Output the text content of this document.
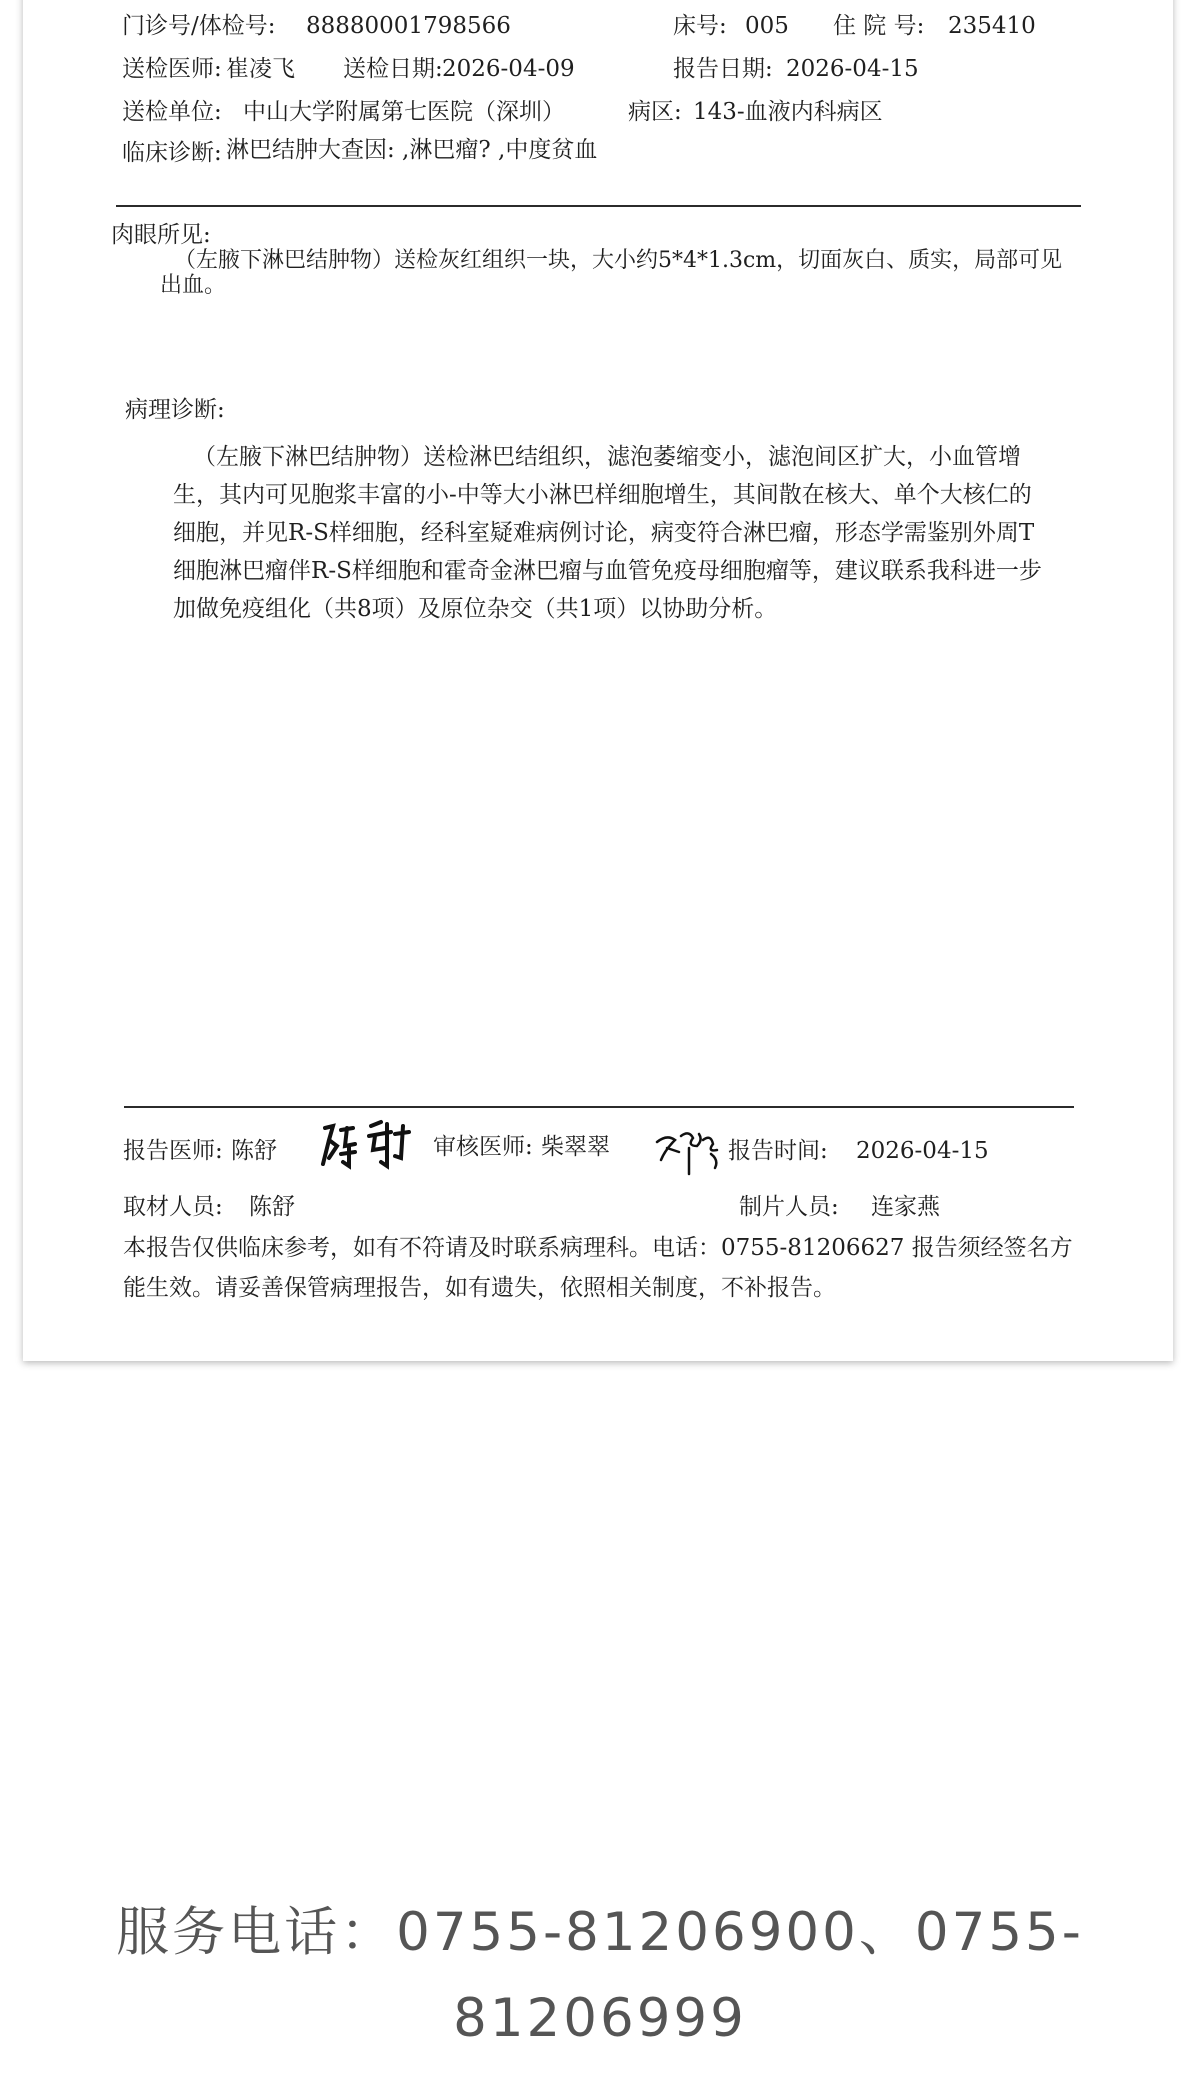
门诊号/体检号: 88880001798566	床号: 005 住 院 号: 235410
送检医师: 崔凌飞 送检日期: 2026-04-09	报告日期: 2026-04-15
送检单位: 中山大学附属第七医院（深圳）	病区: 143-血液内科病区
临床诊断: 淋巴结肿大查因: ,淋巴瘤? ,中度贫血
肉眼所见:
（左腋下淋巴结肿物）送检灰红组织一块，大小约5*4*1.3cm，切面灰白、质实，局部可见出血。
病理诊断:
（左腋下淋巴结肿物）送检淋巴结组织，滤泡萎缩变小，滤泡间区扩大，小血管增生，其内可见胞浆丰富的小-中等大小淋巴样细胞增生，其间散在核大、单个大核仁的细胞，并见R-S样细胞，经科室疑难病例讨论，病变符合淋巴瘤，形态学需鉴别外周T细胞淋巴瘤伴R-S样细胞和霍奇金淋巴瘤与血管免疫母细胞瘤等，建议联系我科进一步加做免疫组化（共8项）及原位杂交（共1项）以协助分析。
报告医师: 陈舒	审核医师: 柴翠翠	报告时间: 2026-04-15
取材人员: 陈舒	制片人员: 连家燕
本报告仅供临床参考，如有不符请及时联系病理科。电话：0755-81206627 报告须经签名方能生效。请妥善保管病理报告，如有遗失，依照相关制度，不补报告。
服务电话：0755-81206900、0755-81206999
